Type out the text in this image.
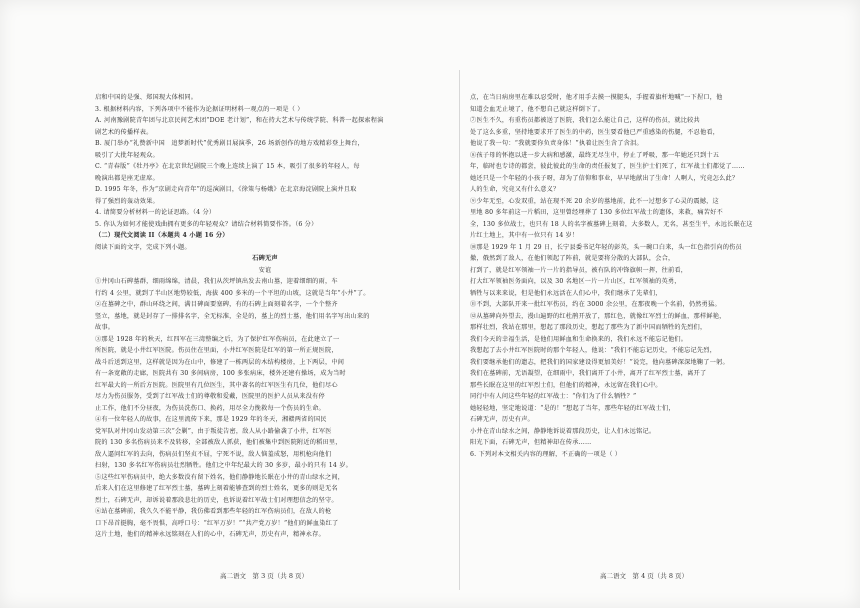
启和中国的是强、郑国现大体相同。
3. 根据材料内容，下列各项中不能作为论据证明材料一观点的一项是（ ）
A. 河南豫剧院青年团与北京民间艺术团“DOE 老计划”，和在持大艺术与传统学院、科普一起探索程演
剧艺术的传播样表。
B. 厦门举办“礼赞新中国　追梦新时代”优秀剧目展演季，26 场新创作的地方戏精彩登上舞台，
吸引了大批年轻观众。
C. “青春版”《牡丹亭》在北京世纪剧院三个晚上连续上演了 15 本，吸引了很多的年轻人，每
晚演出都是座无虚席。
D. 1995 年冬，作为“京剧走向青年”的巡演剧目，《徐策与杨娥》在北京海淀剧院上演并且取
得了强烈的轰动效果。
4. 请简要分析材料一的论证思路。（4 分）
5. 你认为如何才能使戏曲拥有更多的年轻观众？请结合材料简要作答。（6 分）
（二）现代文阅读 II（本题共 4 小题 16 分）
阅读下面的文字，完成下列小题。
石碑无声
安谊
①井冈山石碑墓群，细雨绵绵，清晨，我们从茨坪镇出发去南山墓，迎着细细的雨，车
行约 4 公里，就到了半山区地势较低，海拔 400 多米的一个平坦的山坡，这就是当年“小井”了。
②在墓碑之中，群山环绕之间，满目碑面要塞碑，有的石碑上面刻着名字，一个个整齐
竖立，墓地，就是封存了一排排名字，全无标准，全是的，墓上的烈士墓，他们用名字写出山来的
故事。
③那是 1928 年的秋天，红四军在三湾整编之后，为了保护红军伤病员，在此建立了一
所医院，就是小井红军医院。伤员住在里面，小井红军医院是红军的第一所正规医院，
战斗后送到这里，这样就是因为在山中，修建了一栋两层的木结构楼房，上下两层，中间
有一条宽敞的走廊，医院共有 30 多间病房，100 多张病床，楼外还建有操场，成为当时
红军最大的一所后方医院。医院里有几位医生，其中著名的红军医生有几位，他们尽心
尽力为伤员服务，受到了红军战士们的尊敬和爱戴，医院里的医护人员从来没有停
止工作，他们不分昼夜，为伤员洗伤口、换药，用尽全力挽救每一个伤员的生命。
④有一位年轻人的故事，在这里流传下来，那是 1929 年的冬天，湘赣两省的国民
党军队对井冈山发动第三次“会剿”，由于叛徒告密，敌人从小路偷袭了小井，红军医
院的 130 多名伤病员来不及转移，全部被敌人抓获，他们被集中到医院附近的稻田里，
敌人逼问红军的去向，伤病员们坚贞不屈，宁死不说，敌人恼羞成怒，用机枪向他们
扫射，130 多名红军伤病员壮烈牺牲。他们之中年纪最大的 30 多岁，最小的只有 14 岁。
⑤这些红军伤病员中，绝大多数没有留下姓名，他们静静地长眠在小井的青山绿水之间，
后来人们在这里修建了红军烈士墓，墓碑上刻着能够查到的烈士姓名，更多的则是无名
烈士，石碑无声，却诉说着那段悲壮的历史，也诉说着红军战士们对理想信念的坚守。
⑥站在墓碑前，我久久不能平静，我仿佛看到那些年轻的红军伤病员们，在敌人的枪
口下昂首挺胸，毫不畏惧，高呼口号：“红军万岁！”“共产党万岁！”他们的鲜血染红了
这片土地，他们的精神永远铭刻在人们的心中，石碑无声，历史有声，精神永存。
点，在当日病房里在难以忍受时，他才用手去摸一摸腿头，手握着旗杆地喊“一下捏口，他
知道会血无止境了，他不想自己就这样倒下了。
⑦医生不久，有重伤员都被送了医院，我们怎么能让自己，这样的伤员，就比较共
处了这么多重，坚持地要求开了医生的中药，医生要看他已严重感染的伤腿，不忍他看，
他说了我一句：“我就要你负责身体！”执着让医生含了含泪。
⑧孩子母的怀抱以进一步大病和感激，最终无尽生中，停止了呼吸，那一年她还只到十五
年，临时也专诗的都尝，彼此彼此的生命的责任报复了，医生护士们死了，红军战士们都觉了……
她还只是一个年轻的小孩子呀，却为了信仰和事业，早早地献出了生命！人啊人，究竟怎么此？
人的生命，究竟又有什么意义？
⑨少年无至，心发双重，站在现不死 20 余岁的墓地前，此不一过想多了心灵的震撼，这
里地 80 多年前这一片稻田，这里曾经埋葬了 130 多位红军战士的遗体，来救，痛苦好不
全，130 多位战士，也只有 18 人的名字被墓碑上刻着，大多数人，无名，甚至生平，永远长眠在这
片红土地上，其中有一位只有 14 岁！
⑩那是 1929 年 1 月 29 日，长宁县委书记年轻的彭英，头一碗口白来，头一红色指引向的伤员
撤，俄然到了敌人，在他们领起了阵前，就是要将分散的大部队，会合，
打到了，就是红军领袖一片一片的指导员，被有队的冲锋旗帜一挥，往前看，
打大红军领袖医务面向，以及 30 名地区一片一片山区，红军领袖的英勇，
牺牲与以来来说，但是他们永远活在人们心中，我们继承了先辈们，
⑪不到，大部队开来一批红军伤员，约在 3000 余公里，在那夜晚一个名前，仍然勇猛。
⑫从墓碑向外望去，漫山遍野的红杜鹃开放了，那红色，就像红军烈士的鲜血，那样鲜艳，
那样壮烈，我站在那里，想起了那段历史，想起了那些为了新中国而牺牲的先烈们，
我们今天的幸福生活，是他们用鲜血和生命换来的，我们永远不能忘记他们。
我想起了去小井红军医院时的那个年轻人，他说：“我们不能忘记历史，不能忘记先烈，
我们要继承他们的遗志，把我们的国家建设得更加美好！”说完，他向墓碑深深地鞠了一躬。
我们在墓碑前，无语凝望，在细雨中，我们离开了小井，离开了红军烈士墓，离开了
那些长眠在这里的红军烈士们，但他们的精神，永远留在我们心中。
同行中有人问这些年轻的红军战士：“你们为了什么牺牲？”
她轻轻地，坚定地说道：“是的！”想起了当年，那些年轻的红军战士们，
石碑无声，历史有声。
小井在青山绿水之间，静静地诉说着那段历史，让人们永远铭记。
阳光下面，石碑无声，但精神却在传承……
6. 下列对本文相关内容的理解，不正确的一项是（ ）
高二语文　第 3 页（共 8 页）	高二语文　第 4 页（共 8 页）
